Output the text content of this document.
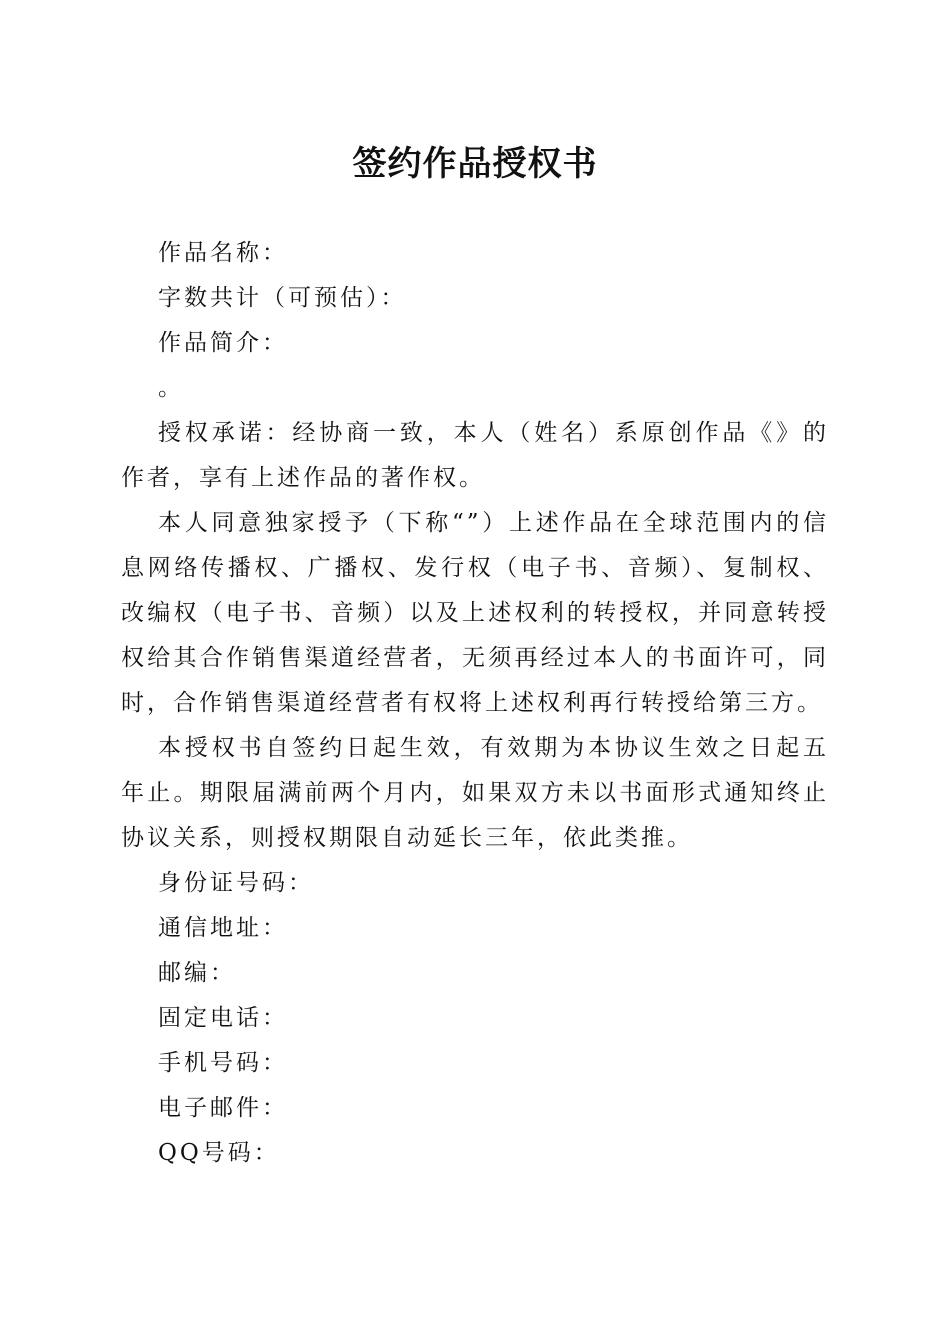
签约作品授权书

作品名称：

字数共计（可预估）：

作品简介：

。

授权承诺：经协商一致，本人（姓名）系原创作品《》的作者，享有上述作品的著作权。

本人同意独家授予（下称“”）上述作品在全球范围内的信息网络传播权、广播权、发行权（电子书、音频）、复制权、改编权（电子书、音频）以及上述权利的转授权，并同意转授权给其合作销售渠道经营者，无须再经过本人的书面许可，同时，合作销售渠道经营者有权将上述权利再行转授给第三方。

本授权书自签约日起生效，有效期为本协议生效之日起五年止。期限届满前两个月内，如果双方未以书面形式通知终止协议关系，则授权期限自动延长三年，依此类推。

身份证号码：

通信地址：

邮编：

固定电话：

手机号码：

电子邮件：

QQ号码：
